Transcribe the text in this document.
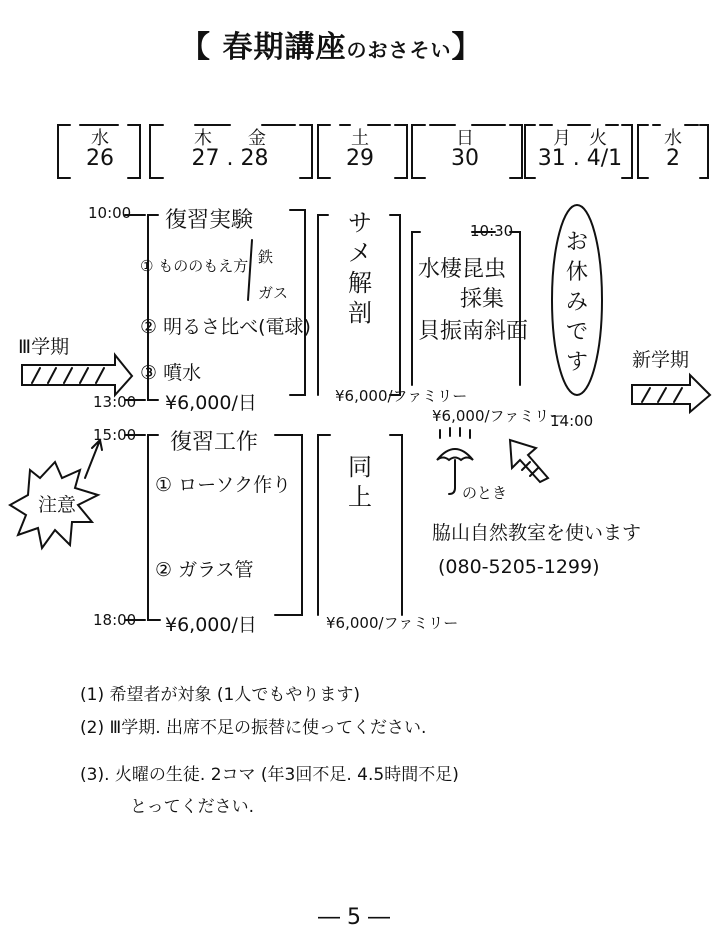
【 春期講座のおさそい】
水
26
木　　金
27 . 28
土
29
日
30
月　火
31 . 4/1
水
2
10:00
13:00
15:00
18:00
10:30
14:00
復習実験
① もののもえ方 鉄
ガス
② 明るさ比べ(電球)
③ 噴水
¥6,000/日
サメ解剖
¥6,000/ファミリー
水棲昆虫
採集
貝振南斜面
¥6,000/ファミリー
お休みです
Ⅲ学期
新学期
復習工作
① ローソク作り
② ガラス管
¥6,000/日
同上
¥6,000/ファミリー
注意
のとき
脇山自然教室を使います
(080-5205-1299)
(1) 希望者が対象 (1人でもやります)
(2) Ⅲ学期. 出席不足の振替に使ってください.
(3). 火曜の生徒. 2コマ (年3回不足. 4.5時間不足)
とってください.
― 5 ―
